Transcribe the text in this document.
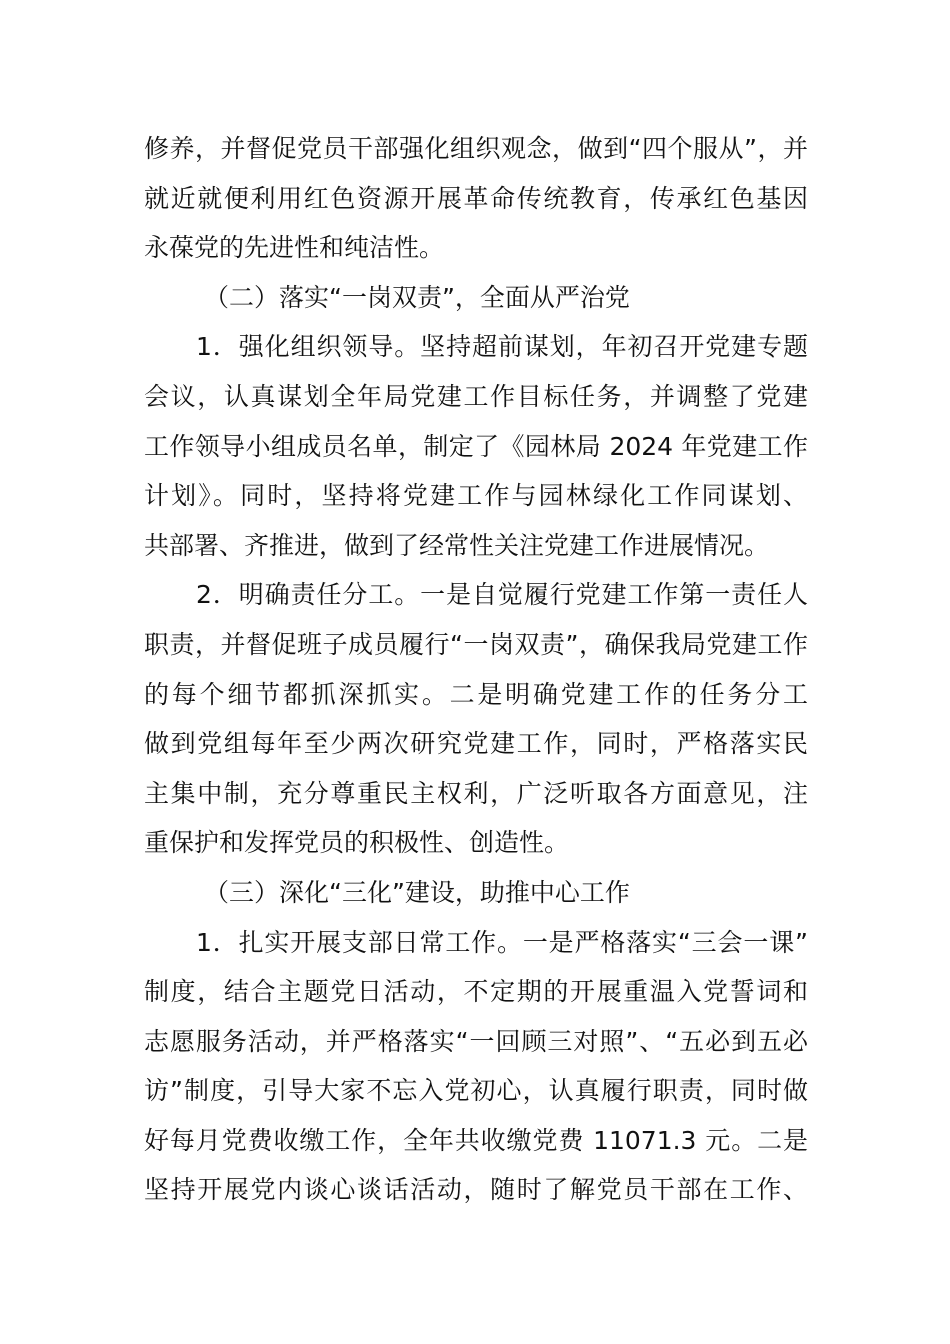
修养，并督促党员干部强化组织观念，做到“四个服从”，并
就近就便利用红色资源开展革命传统教育，传承红色基因
永葆党的先进性和纯洁性。
（二）落实“一岗双责”，全面从严治党
1．强化组织领导。坚持超前谋划，年初召开党建专题
会议，认真谋划全年局党建工作目标任务，并调整了党建
工作领导小组成员名单，制定了《园林局 2024 年党建工作
计划》。同时，坚持将党建工作与园林绿化工作同谋划、
共部署、齐推进，做到了经常性关注党建工作进展情况。
2．明确责任分工。一是自觉履行党建工作第一责任人
职责，并督促班子成员履行“一岗双责”，确保我局党建工作
的每个细节都抓深抓实。二是明确党建工作的任务分工
做到党组每年至少两次研究党建工作，同时，严格落实民
主集中制，充分尊重民主权利，广泛听取各方面意见，注
重保护和发挥党员的积极性、创造性。
（三）深化“三化”建设，助推中心工作
1．扎实开展支部日常工作。一是严格落实“三会一课”
制度，结合主题党日活动，不定期的开展重温入党誓词和
志愿服务活动，并严格落实“一回顾三对照”、“五必到五必
访”制度，引导大家不忘入党初心，认真履行职责，同时做
好每月党费收缴工作，全年共收缴党费 11071.3 元。二是
坚持开展党内谈心谈话活动，随时了解党员干部在工作、
